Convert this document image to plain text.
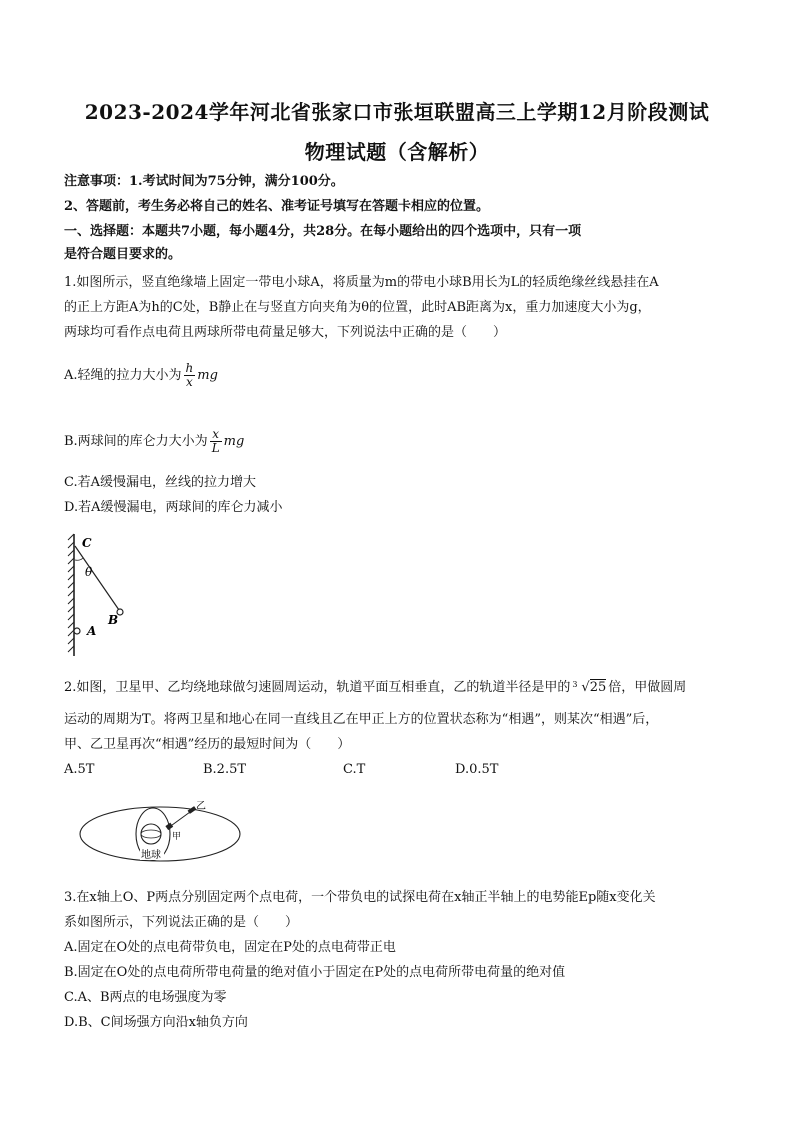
2023-2024学年河北省张家口市张垣联盟高三上学期12月阶段测试
物理试题（含解析）
注意事项：1.考试时间为75分钟，满分100分。
2、答题前，考生务必将自己的姓名、准考证号填写在答题卡相应的位置。
一、选择题：本题共7小题，每小题4分，共28分。在每小题给出的四个选项中，只有一项
是符合题目要求的。
1.如图所示，竖直绝缘墙上固定一带电小球A，将质量为m的带电小球B用长为L的轻质绝缘丝线悬挂在A
的正上方距A为h的C处，B静止在与竖直方向夹角为θ的位置，此时AB距离为x，重力加速度大小为g，
两球均可看作点电荷且两球所带电荷量足够大，下列说法中正确的是（　　）
A.轻绳的拉力大小为 $\frac{h}{x}$ mg
B.两球间的库仑力大小为 $\frac{x}{L}$ mg
C.若A缓慢漏电，丝线的拉力增大
D.若A缓慢漏电，两球间的库仑力减小
C
θ
B
A
2.如图，卫星甲、乙均绕地球做匀速圆周运动，轨道平面互相垂直，乙的轨道半径是甲的 3 √25 倍，甲做圆周
运动的周期为T。将两卫星和地心在同一直线且乙在甲正上方的位置状态称为“相遇”，则某次“相遇”后，
甲、乙卫星再次“相遇”经历的最短时间为（　　）
A.5T	B.2.5T	C.T	D.0.5T
乙
甲
地球
3.在x轴上O、P两点分别固定两个点电荷，一个带负电的试探电荷在x轴正半轴上的电势能Ep随x变化关
系如图所示，下列说法正确的是（　　）
A.固定在O处的点电荷带负电，固定在P处的点电荷带正电
B.固定在O处的点电荷所带电荷量的绝对值小于固定在P处的点电荷所带电荷量的绝对值
C.A、B两点的电场强度为零
D.B、C间场强方向沿x轴负方向
